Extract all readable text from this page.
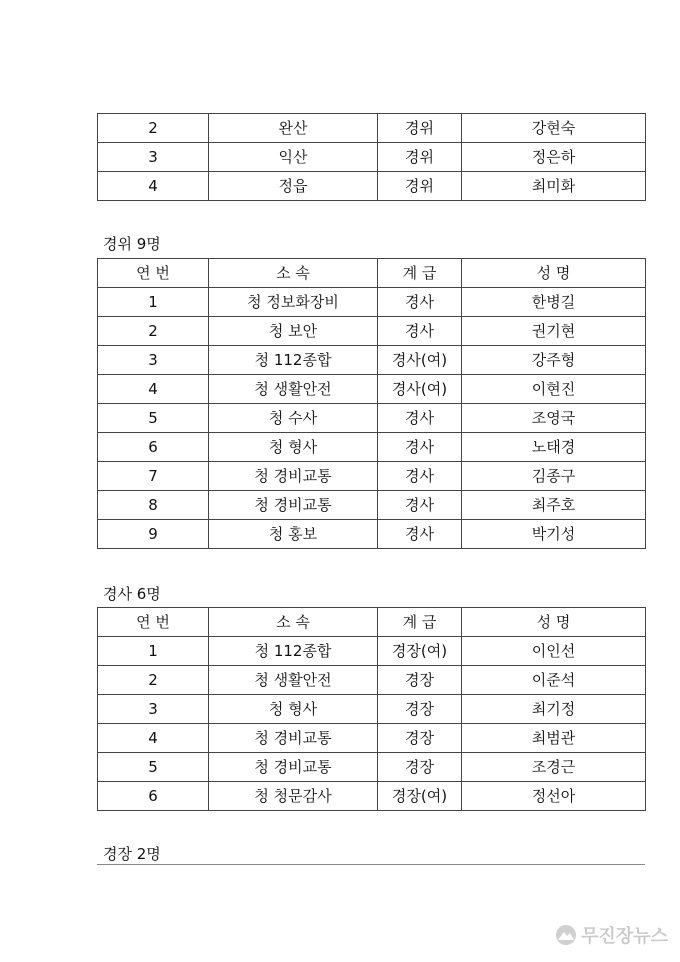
2	완산	경위	강현숙
3	익산	경위	정은하
4	정읍	경위	최미화
경위 9명
연 번	소 속	계 급	성 명
1	청 정보화장비	경사	한병길
2	청 보안	경사	권기현
3	청 112종합	경사(여)	강주형
4	청 생활안전	경사(여)	이현진
5	청 수사	경사	조영국
6	청 형사	경사	노태경
7	청 경비교통	경사	김종구
8	청 경비교통	경사	최주호
9	청 홍보	경사	박기성
경사 6명
연 번	소 속	계 급	성 명
1	청 112종합	경장(여)	이인선
2	청 생활안전	경장	이준석
3	청 형사	경장	최기정
4	청 경비교통	경장	최범관
5	청 경비교통	경장	조경근
6	청 청문감사	경장(여)	정선아
경장 2명
무진장뉴스
